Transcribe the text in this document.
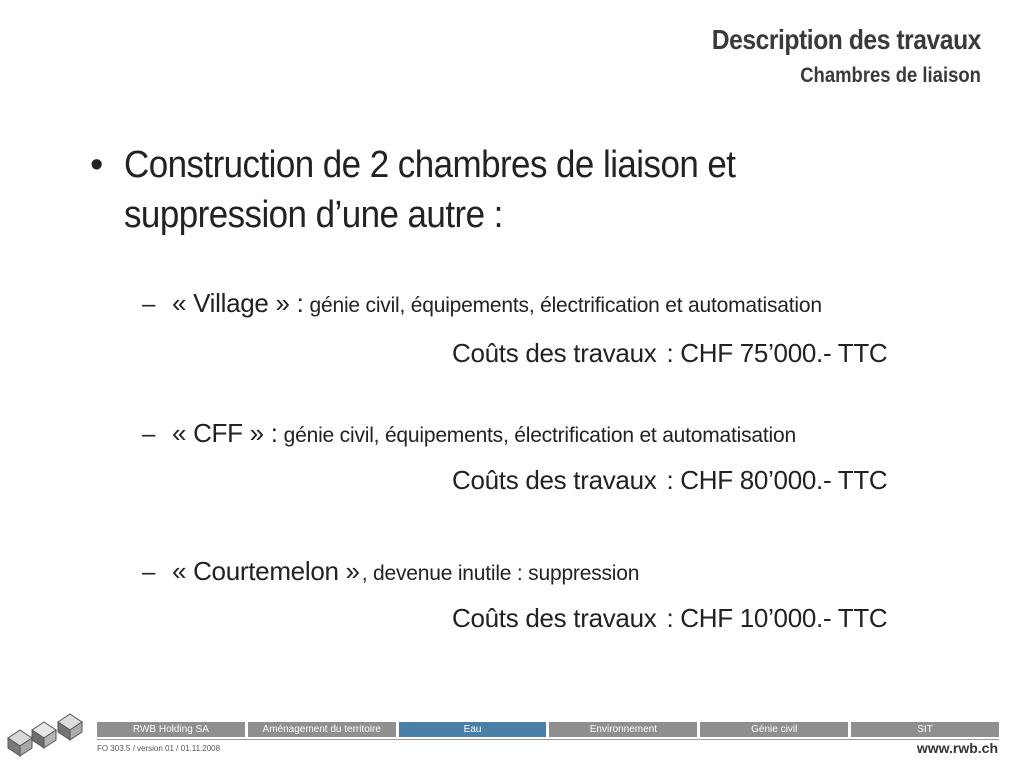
Description des travaux
Chambres de liaison
• Construction de 2 chambres de liaison et suppression d’une autre :
– « Village » : génie civil, équipements, électrification et automatisation
Coûts des travaux : CHF 75’000.- TTC
– « CFF » : génie civil, équipements, électrification et automatisation
Coûts des travaux : CHF 80’000.- TTC
– « Courtemelon » , devenue inutile : suppression
Coûts des travaux : CHF 10’000.- TTC
RWB Holding SA	Aménagement du territoire	Eau	Environnement	Génie civil	SIT
FO 303.5 / version 01 / 01.11.2008	www.rwb.ch
